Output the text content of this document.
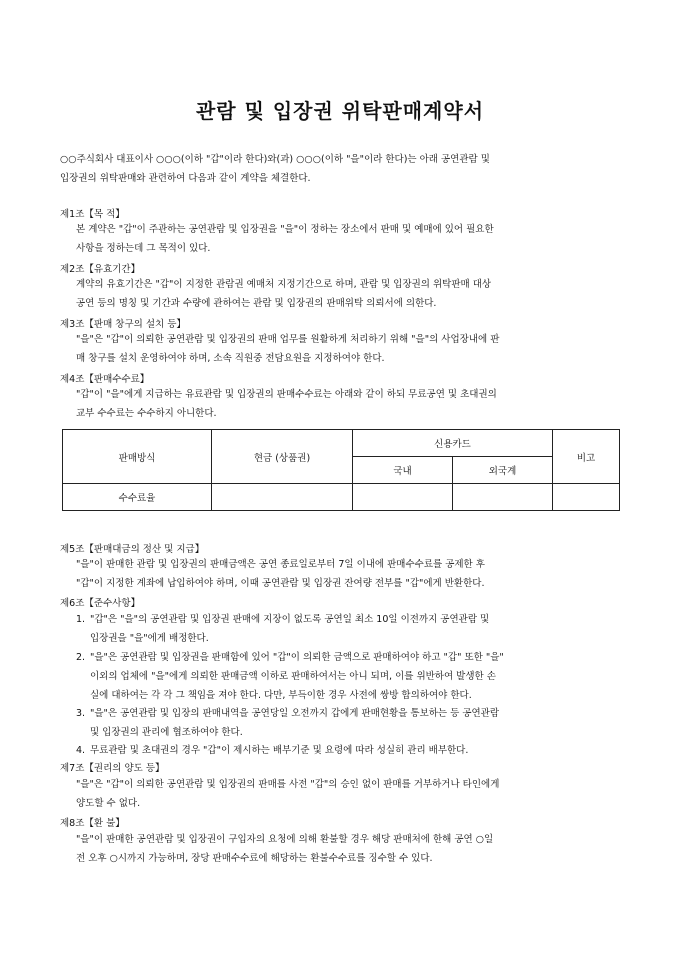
관람 및 입장권 위탁판매계약서
○○주식회사 대표이사 ○○○(이하 "갑"이라 한다)와(과) ○○○(이하 "을"이라 한다)는 아래 공연관람 및
입장권의 위탁판매와 관련하여 다음과 같이 계약을 체결한다.
제1조【목 적】
본 계약은 "갑"이 주관하는 공연관람 및 입장권을 "을"이 정하는 장소에서 판매 및 예매에 있어 필요한
사항을 정하는데 그 목적이 있다.
제2조【유효기간】
계약의 유효기간은 "갑"이 지정한 관람권 예매처 지정기간으로 하며, 관람 및 입장권의 위탁판매 대상
공연 등의 명칭 및 기간과 수량에 관하여는 관람 및 입장권의 판매위탁 의뢰서에 의한다.
제3조【판매 창구의 설치 등】
"을"은 "갑"이 의뢰한 공연관람 및 입장권의 판매 업무를 원활하게 처리하기 위해 "을"의 사업장내에 판
매 창구를 설치 운영하여야 하며, 소속 직원중 전담요원을 지정하여야 한다.
제4조【판매수수료】
"갑"이 "을"에게 지급하는 유료관람 및 입장권의 판매수수료는 아래와 같이 하되 무료공연 및 초대권의
교부 수수료는 수수하지 아니한다.
판매방식	현금 (상품권)	신용카드		비고
		국내	외국계	
수수료율				
제5조【판매대금의 정산 및 지급】
"을"이 판매한 관람 및 입장권의 판매금액은 공연 종료일로부터 7일 이내에 판매수수료를 공제한 후
"갑"이 지정한 계좌에 납입하여야 하며, 이때 공연관람 및 입장권 잔여량 전부를 "갑"에게 반환한다.
제6조【준수사항】
1. "갑"은 "을"의 공연관람 및 입장권 판매에 지장이 없도록 공연일 최소 10일 이전까지 공연관람 및
입장권을 "을"에게 배정한다.
2. "을"은 공연관람 및 입장권을 판매함에 있어 "갑"이 의뢰한 금액으로 판매하여야 하고 "갑" 또한 "을"
이외의 업체에 "을"에게 의뢰한 판매금액 이하로 판매하여서는 아니 되며, 이를 위반하여 발생한 손
실에 대하여는 각 각 그 책임을 져야 한다. 다만, 부득이한 경우 사전에 쌍방 합의하여야 한다.
3. "을"은 공연관람 및 입장의 판매내역을 공연당일 오전까지 갑에게 판매현황을 통보하는 등 공연관람
및 입장권의 관리에 협조하여야 한다.
4. 무료관람 및 초대권의 경우 "갑"이 제시하는 배부기준 및 요령에 따라 성실히 관리 배부한다.
제7조【권리의 양도 등】
"을"은 "갑"이 의뢰한 공연관람 및 입장권의 판매를 사전 "갑"의 승인 없이 판매를 거부하거나 타인에게
양도할 수 없다.
제8조【환 불】
"을"이 판매한 공연관람 및 입장권이 구입자의 요청에 의해 환불할 경우 해당 판매처에 한해 공연 ○일
전 오후 ○시까지 가능하며, 장당 판매수수료에 해당하는 환불수수료를 징수할 수 있다.
